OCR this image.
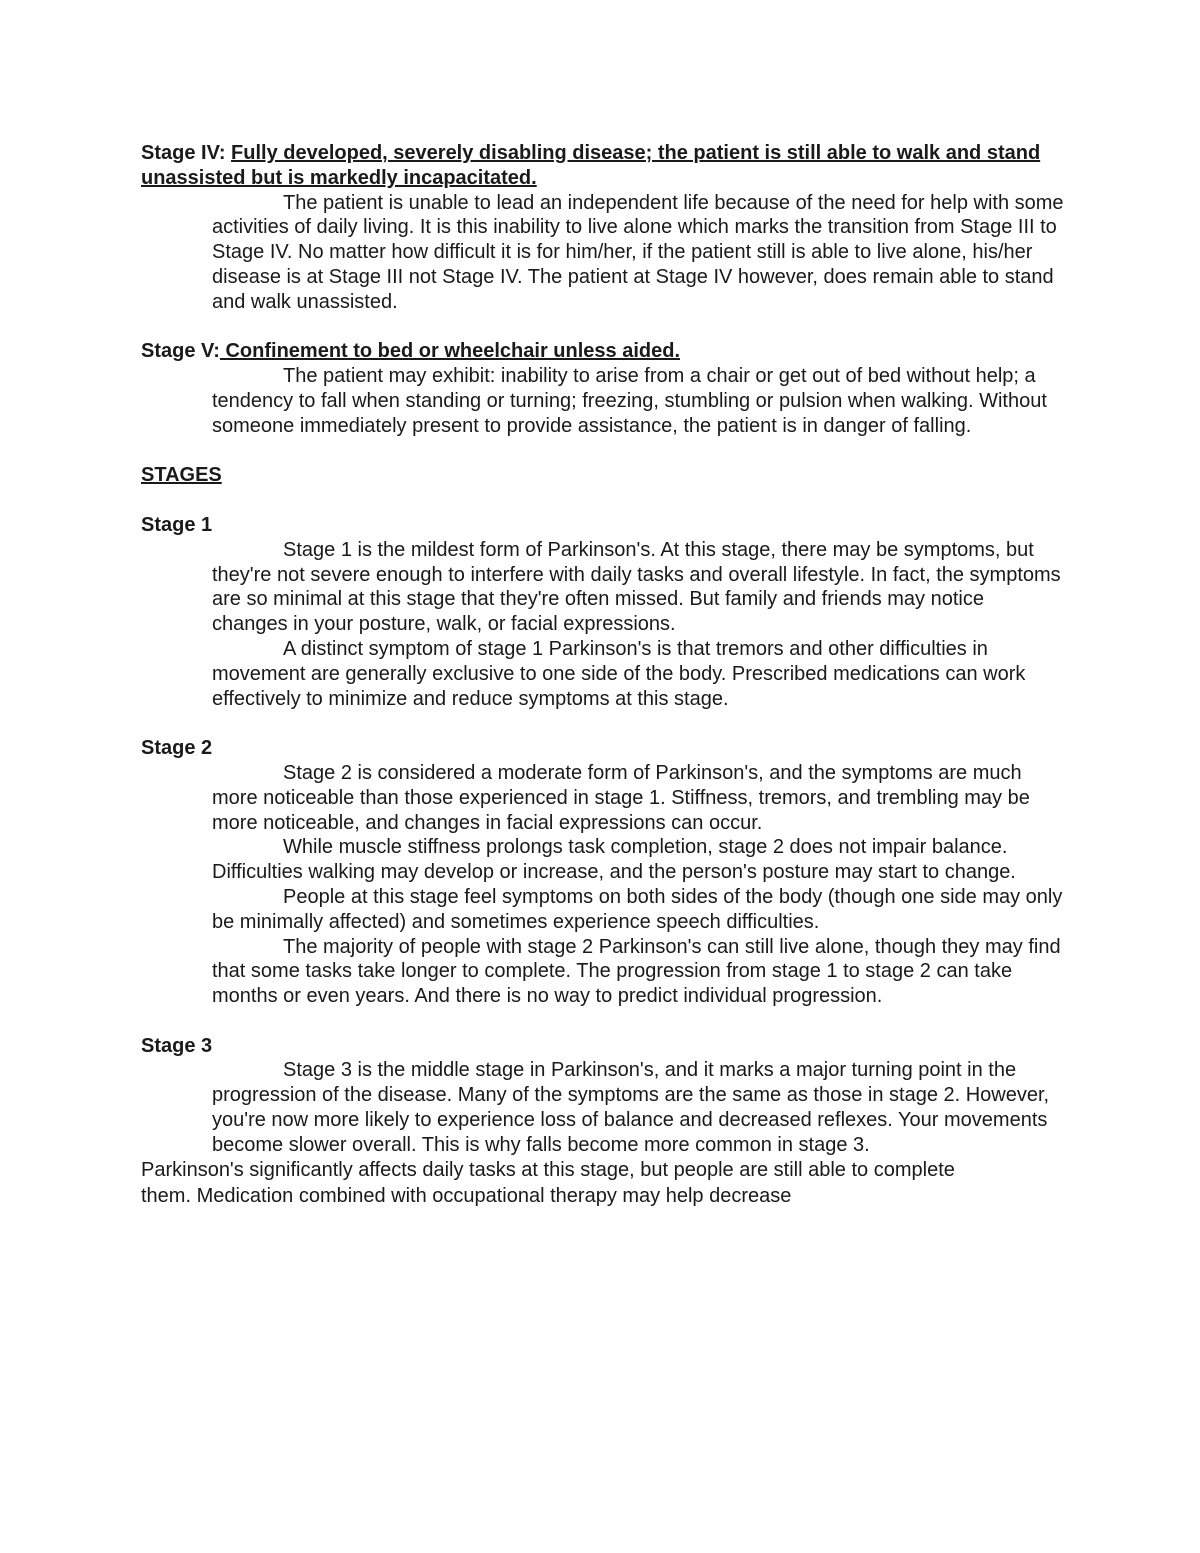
Stage IV: Fully developed, severely disabling disease; the patient is still able to walk and stand unassisted but is markedly incapacitated.

The patient is unable to lead an independent life because of the need for help with some activities of daily living. It is this inability to live alone which marks the transition from Stage III to Stage IV. No matter how difficult it is for him/her, if the patient still is able to live alone, his/her disease is at Stage III not Stage IV. The patient at Stage IV however, does remain able to stand and walk unassisted.

Stage V: Confinement to bed or wheelchair unless aided.

The patient may exhibit: inability to arise from a chair or get out of bed without help; a tendency to fall when standing or turning; freezing, stumbling or pulsion when walking. Without someone immediately present to provide assistance, the patient is in danger of falling.

STAGES

Stage 1

Stage 1 is the mildest form of Parkinson's. At this stage, there may be symptoms, but they're not severe enough to interfere with daily tasks and overall lifestyle. In fact, the symptoms are so minimal at this stage that they're often missed. But family and friends may notice changes in your posture, walk, or facial expressions.

A distinct symptom of stage 1 Parkinson's is that tremors and other difficulties in movement are generally exclusive to one side of the body. Prescribed medications can work effectively to minimize and reduce symptoms at this stage.

Stage 2

Stage 2 is considered a moderate form of Parkinson's, and the symptoms are much more noticeable than those experienced in stage 1. Stiffness, tremors, and trembling may be more noticeable, and changes in facial expressions can occur.

While muscle stiffness prolongs task completion, stage 2 does not impair balance. Difficulties walking may develop or increase, and the person's posture may start to change.

People at this stage feel symptoms on both sides of the body (though one side may only be minimally affected) and sometimes experience speech difficulties.

The majority of people with stage 2 Parkinson's can still live alone, though they may find that some tasks take longer to complete. The progression from stage 1 to stage 2 can take months or even years. And there is no way to predict individual progression.

Stage 3

Stage 3 is the middle stage in Parkinson's, and it marks a major turning point in the progression of the disease. Many of the symptoms are the same as those in stage 2. However, you're now more likely to experience loss of balance and decreased reflexes. Your movements become slower overall. This is why falls become more common in stage 3.

Parkinson's significantly affects daily tasks at this stage, but people are still able to complete

them. Medication combined with occupational therapy may help decrease
